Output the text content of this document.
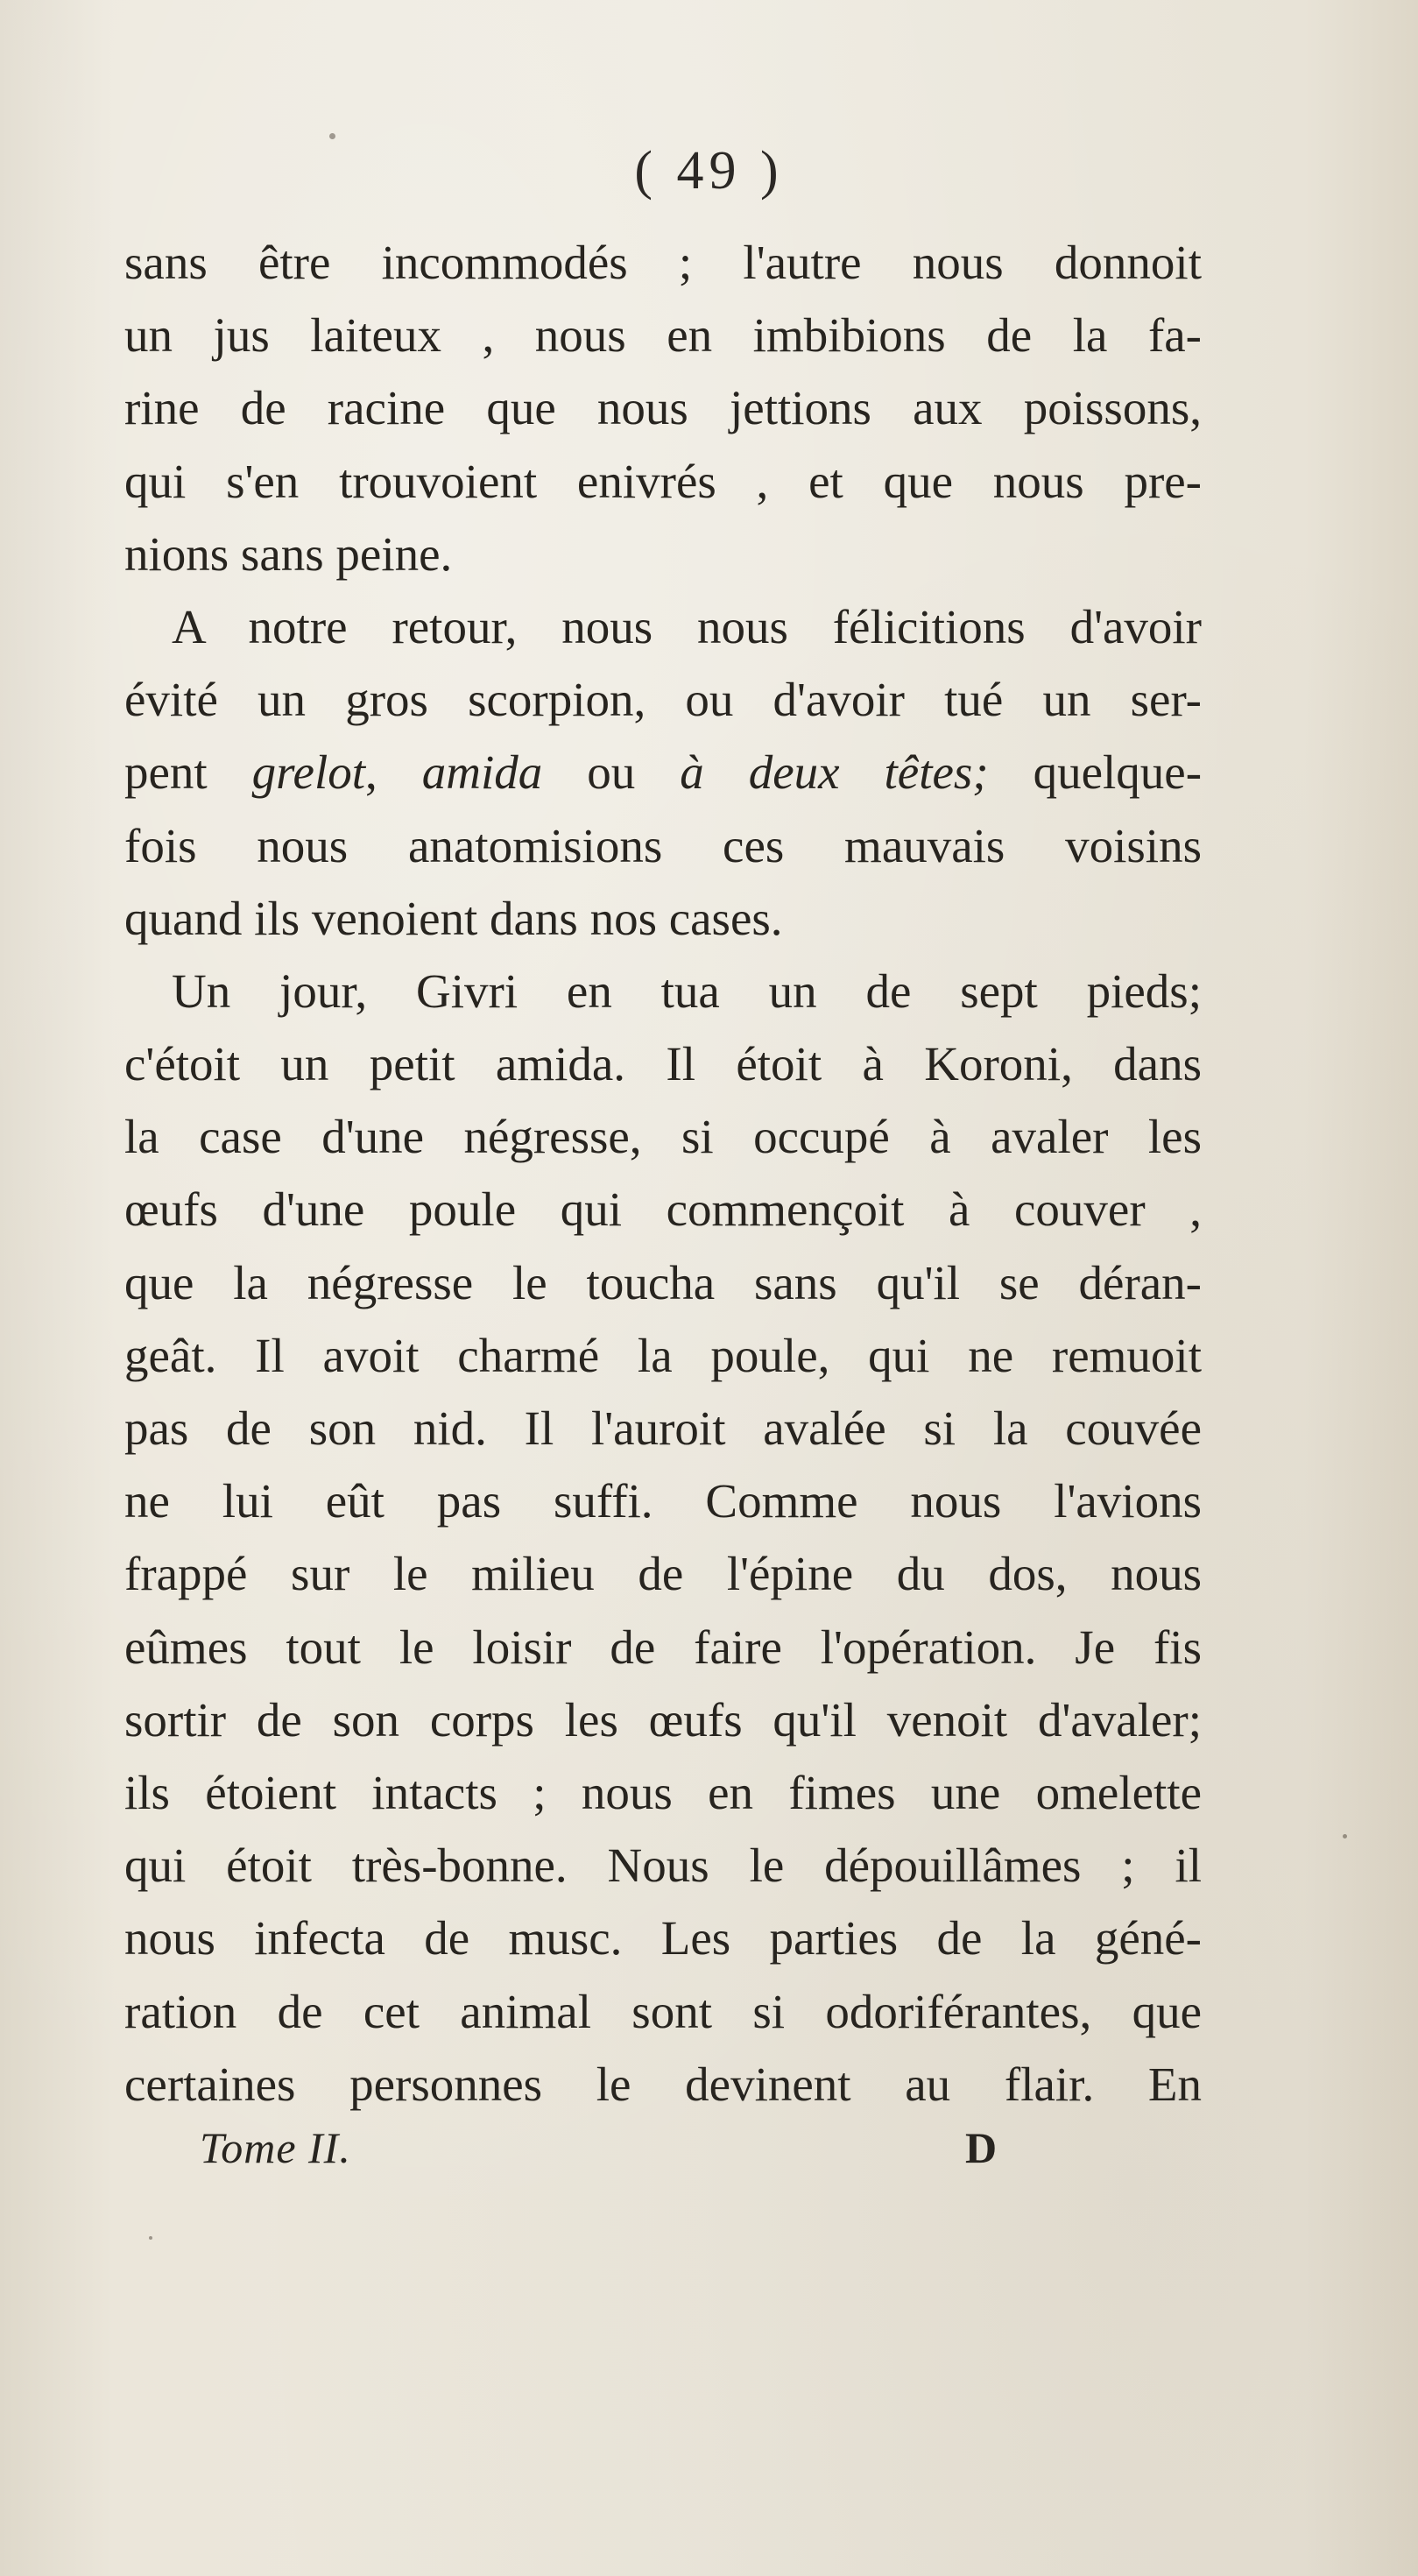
( 49 )
sans être incommodés ; l'autre nous donnoit
un jus laiteux , nous en imbibions de la fa-
rine de racine que nous jettions aux poissons,
qui s'en trouvoient enivrés , et que nous pre-
nions sans peine.
A notre retour, nous nous félicitions d'avoir
évité un gros scorpion, ou d'avoir tué un ser-
pent grelot, amida ou à deux têtes; quelque-
fois nous anatomisions ces mauvais voisins
quand ils venoient dans nos cases.
Un jour, Givri en tua un de sept pieds;
c'étoit un petit amida. Il étoit à Koroni, dans
la case d'une négresse, si occupé à avaler les
œufs d'une poule qui commençoit à couver ,
que la négresse le toucha sans qu'il se déran-
geât. Il avoit charmé la poule, qui ne remuoit
pas de son nid. Il l'auroit avalée si la couvée
ne lui eût pas suffi. Comme nous l'avions
frappé sur le milieu de l'épine du dos, nous
eûmes tout le loisir de faire l'opération. Je fis
sortir de son corps les œufs qu'il venoit d'avaler;
ils étoient intacts ; nous en fimes une omelette
qui étoit très-bonne. Nous le dépouillâmes ; il
nous infecta de musc. Les parties de la géné-
ration de cet animal sont si odoriférantes, que
certaines personnes le devinent au flair. En
Tome II.	D
